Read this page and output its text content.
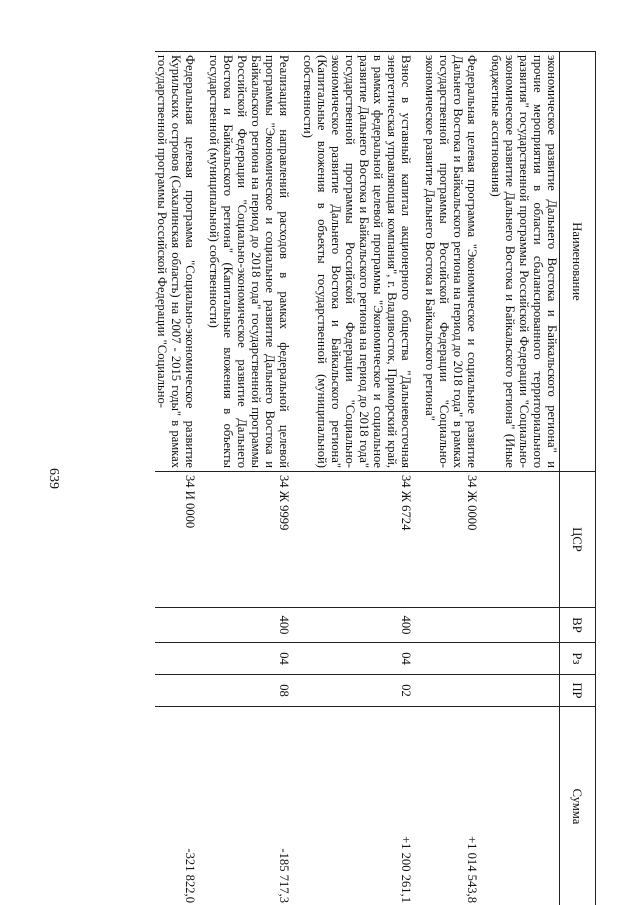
Наименование	ЦСР	ВР	Рз	ПР	Сумма
экономическое развитие Дальнего Востока и Байкальского региона" и прочие мероприятия в области сбалансированного территориального развития" государственной программы Российской Федерации "Социально-экономическое развитие Дальнего Востока и Байкальского региона" (Иные бюджетные ассигнования)					

Федеральная целевая программа "Экономическое и социальное развитие Дальнего Востока и Байкальского региона на период до 2018 года" в рамках государственной программы Российской Федерации "Социально-экономическое развитие Дальнего Востока и Байкальского региона"	34 Ж 0000				+1 014 543,8

Взнос в уставный капитал акционерного общества "Дальневосточная энергетическая управляющая компания", г. Владивосток, Приморский край, в рамках федеральной целевой программы "Экономическое и социальное развитие Дальнего Востока и Байкальского региона на период до 2018 года" государственной программы Российской Федерации "Социально-экономическое развитие Дальнего Востока и Байкальского региона" (Капитальные вложения в объекты государственной (муниципальной) собственности)	34 Ж 6724	400	04	02	+1 200 261,1

Реализация направлений расходов в рамках федеральной целевой программы "Экономическое и социальное развитие Дальнего Востока и Байкальского региона на период до 2018 года" государственной программы Российской Федерации "Социально-экономическое развитие Дальнего Востока и Байкальского региона" (Капитальные вложения в объекты государственной (муниципальной) собственности)	34 Ж 9999	400	04	08	-185 717,3

Федеральная целевая программа "Социально-экономическое развитие Курильских островов (Сахалинская область) на 2007 - 2015 годы" в рамках государственной программы Российской Федерации "Социально-	34 И 0000				-321 822,0
639
